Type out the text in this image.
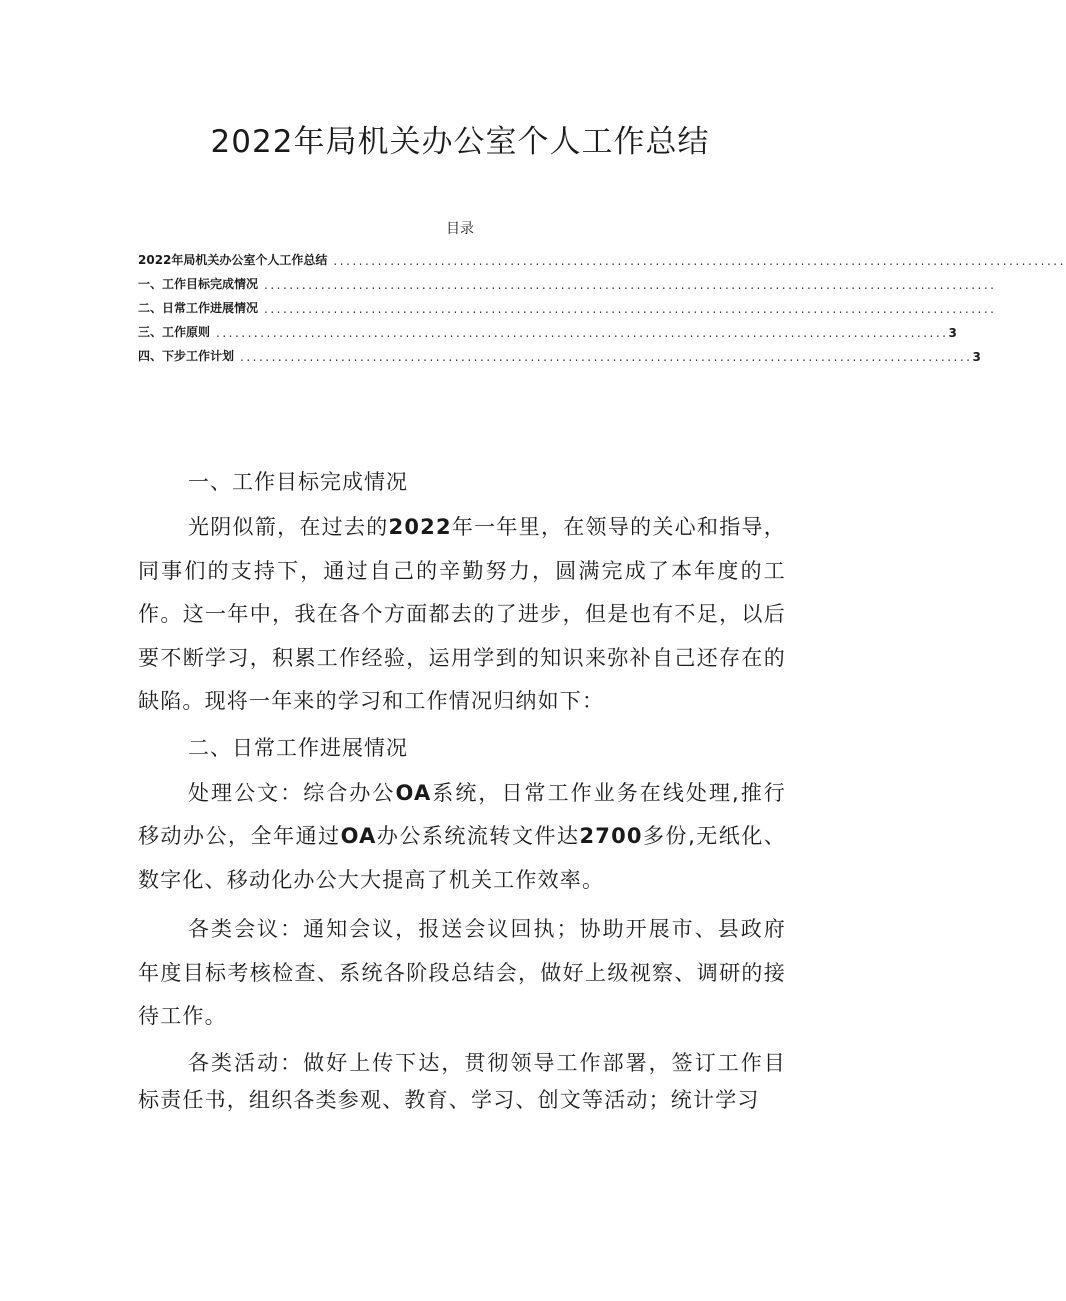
2022年局机关办公室个人工作总结
目录
2022年局机关办公室个人工作总结 ....................................................................................................................
一、工作目标完成情况 ....................................................................................................................
二、日常工作进展情况 ....................................................................................................................
三、工作原则 .................................................................................................................... 3
四、下步工作计划 .................................................................................................................... 3
一、工作目标完成情况

光阴似箭，在过去的2022年一年里，在领导的关心和指导，同事们的支持下，通过自己的辛勤努力，圆满完成了本年度的工作。这一年中，我在各个方面都去的了进步，但是也有不足，以后要不断学习，积累工作经验，运用学到的知识来弥补自己还存在的缺陷。现将一年来的学习和工作情况归纳如下：

二、日常工作进展情况

处理公文：综合办公OA系统，日常工作业务在线处理,推行移动办公，全年通过OA办公系统流转文件达2700多份,无纸化、数字化、移动化办公大大提高了机关工作效率。

各类会议：通知会议，报送会议回执；协助开展市、县政府年度目标考核检查、系统各阶段总结会，做好上级视察、调研的接待工作。

各类活动：做好上传下达，贯彻领导工作部署，签订工作目标责任书，组织各类参观、教育、学习、创文等活动；统计学习
